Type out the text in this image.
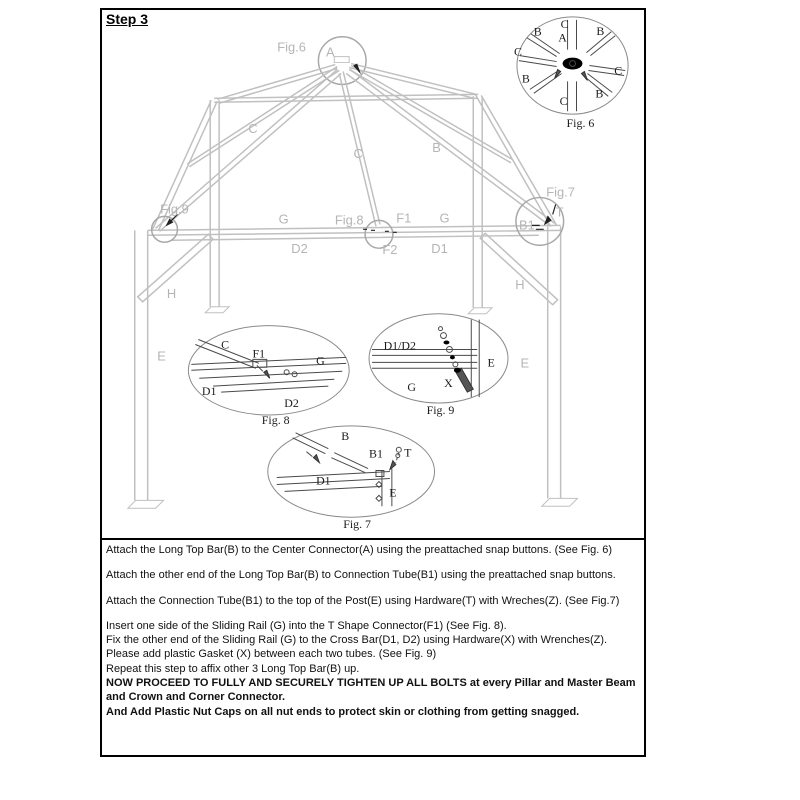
Step 3
Fig.6 A
C
C	B
Fig.9
G	Fig.8	F1 G
Fig.7
T
B1
D2	F2	D1
H
H
E	E
C
A
B	B
C
C
B
B
C
Fig. 6
C
F1	G
D1
D2
Fig. 8
D1/D2
E
G X
Fig. 9
B
B1 T
D1
E
Fig. 7
Attach the Long Top Bar(B) to the Center Connector(A) using the preattached snap buttons. (See Fig. 6)
Attach the other end of the Long Top Bar(B) to Connection Tube(B1) using the preattached snap buttons.
Attach the Connection Tube(B1) to the top of the Post(E) using Hardware(T) with Wreches(Z). (See Fig.7)
Insert one side of the Sliding Rail (G) into the T Shape Connector(F1) (See Fig. 8).
Fix the other end of the Sliding Rail (G) to the Cross Bar(D1, D2) using Hardware(X) with Wrenches(Z).
Please add plastic Gasket (X) between each two tubes. (See Fig. 9)
Repeat this step to affix other 3 Long Top Bar(B) up.
NOW PROCEED TO FULLY AND SECURELY TIGHTEN UP ALL BOLTS at every Pillar and Master Beam and Crown and Corner Connector.
And Add Plastic Nut Caps on all nut ends to protect skin or clothing from getting snagged.
